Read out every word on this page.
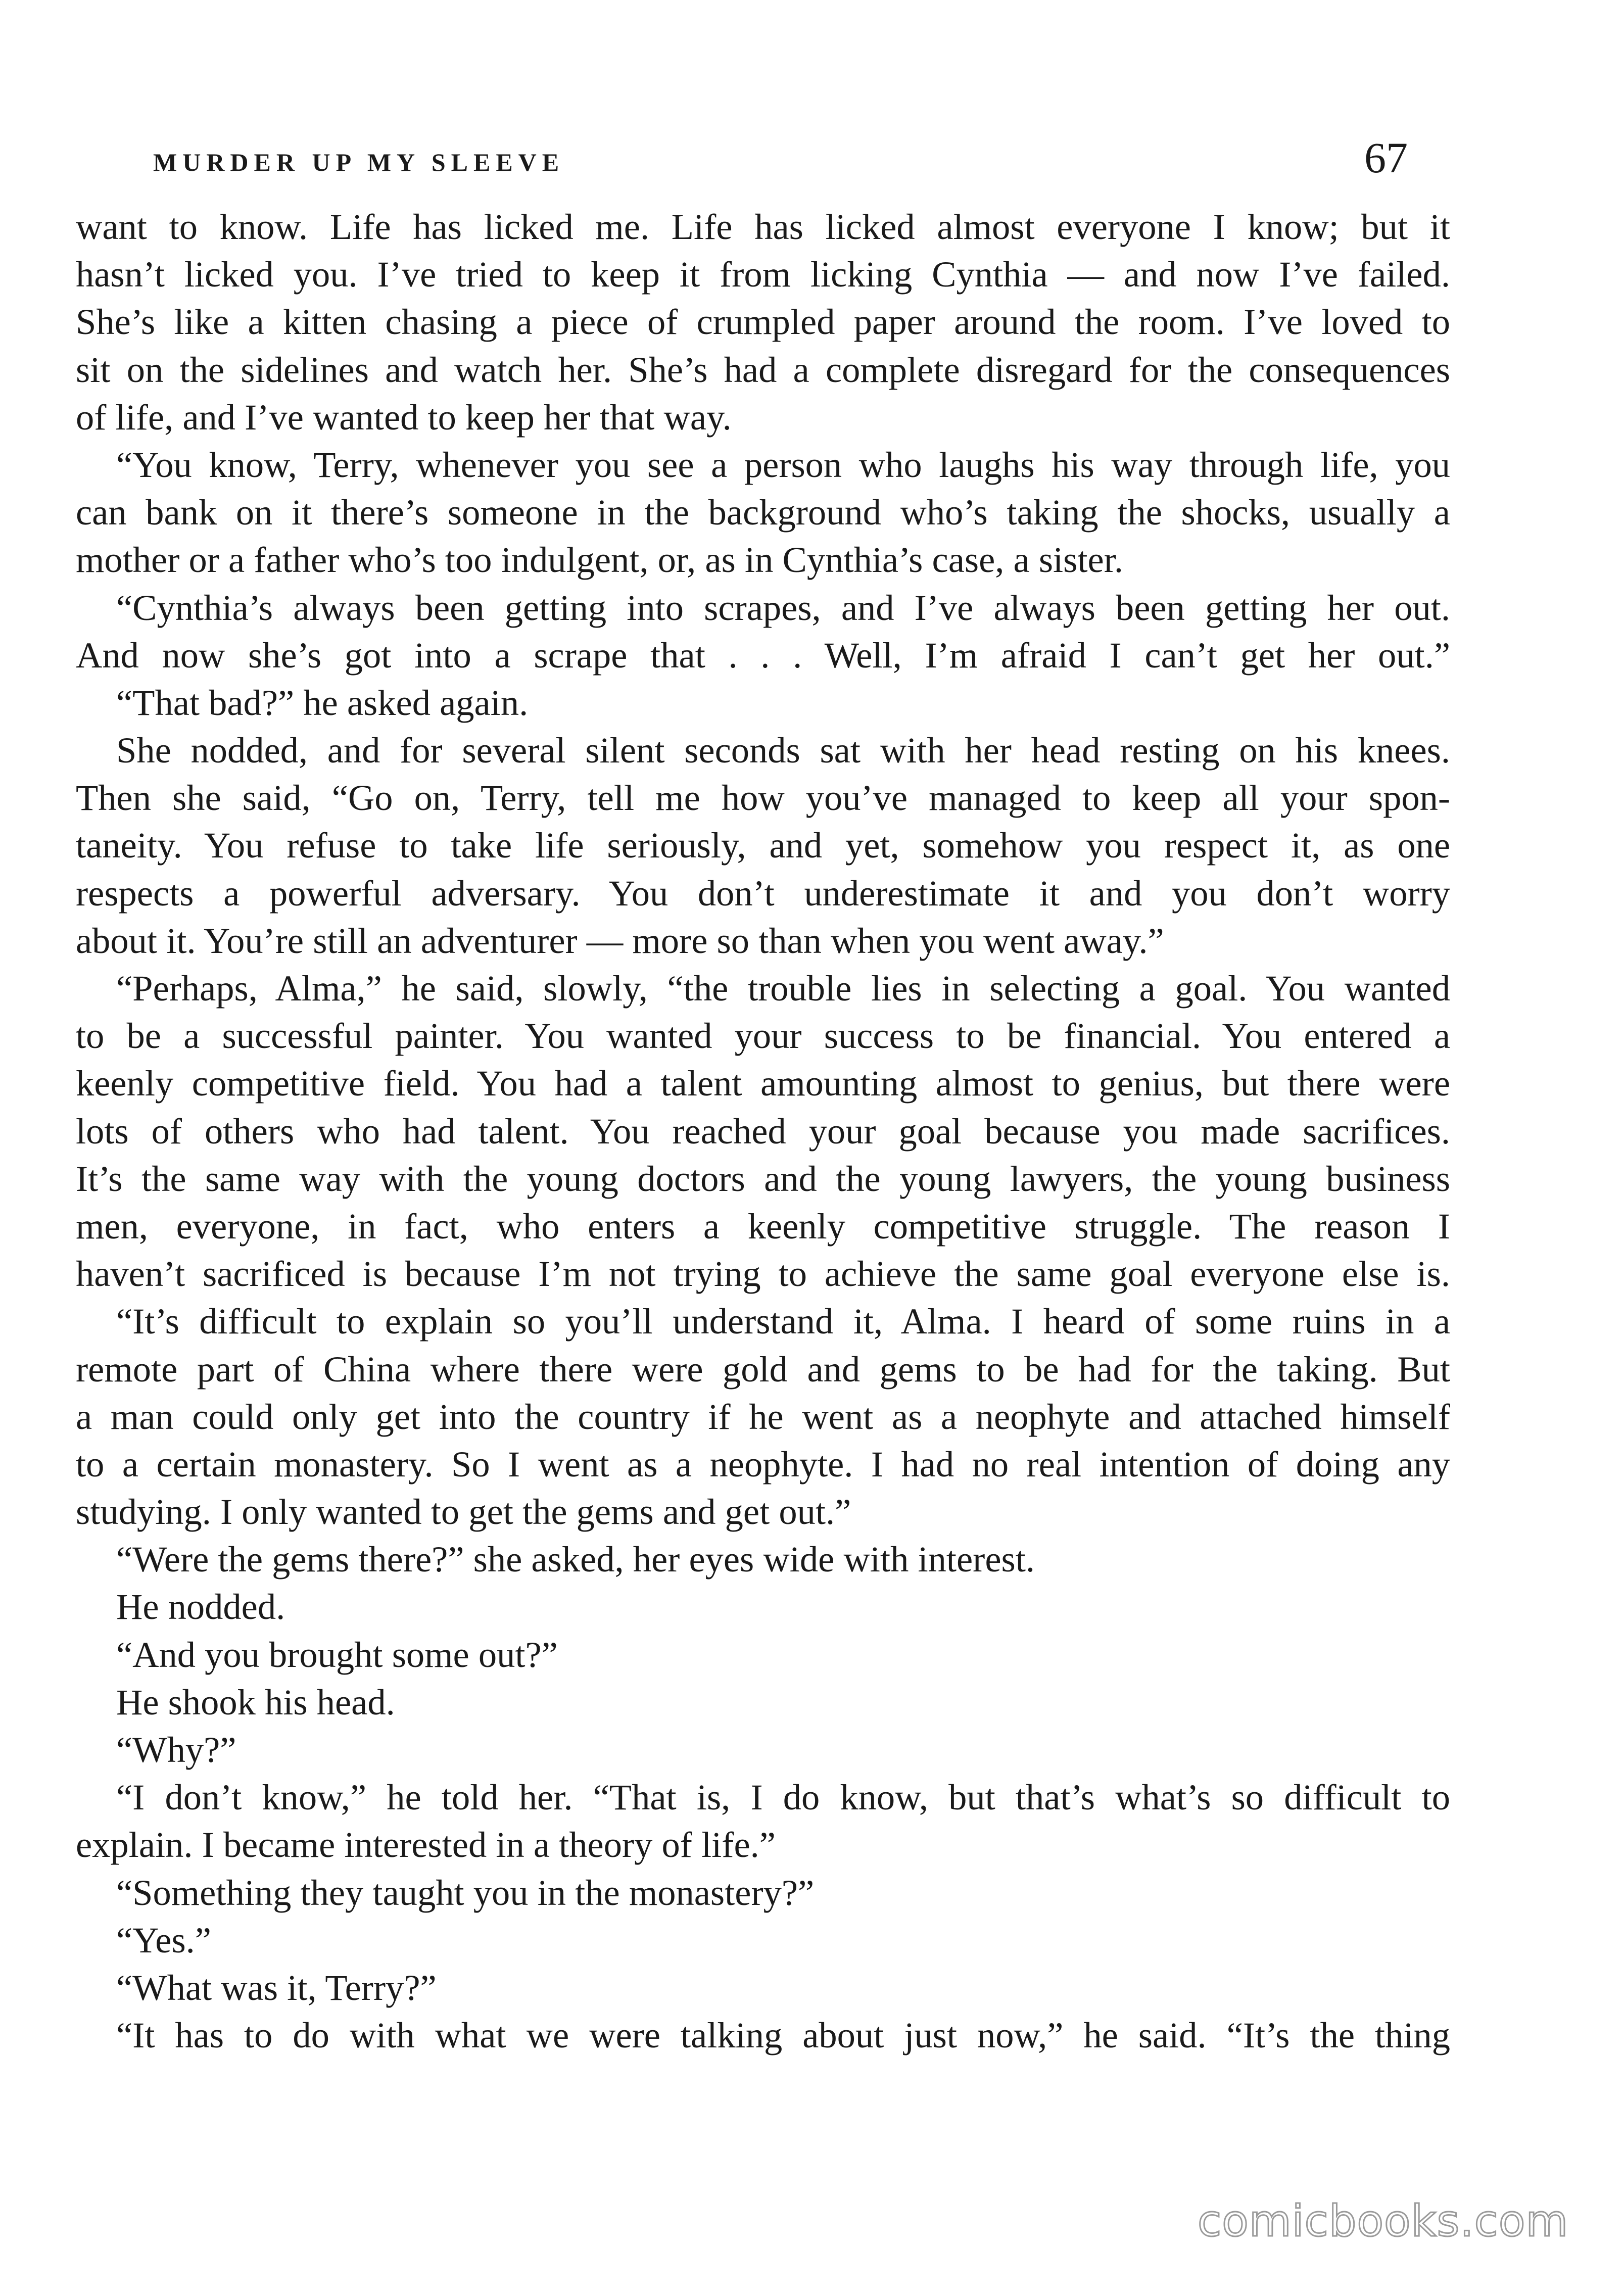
MURDER UP MY SLEEVE	67
want to know. Life has licked me. Life has licked almost everyone I know; but it
hasn’t licked you. I’ve tried to keep it from licking Cynthia — and now I’ve failed.
She’s like a kitten chasing a piece of crumpled paper around the room. I’ve loved to
sit on the sidelines and watch her. She’s had a complete disregard for the consequences
of life, and I’ve wanted to keep her that way.
“You know, Terry, whenever you see a person who laughs his way through life, you
can bank on it there’s someone in the background who’s taking the shocks, usually a
mother or a father who’s too indulgent, or, as in Cynthia’s case, a sister.
“Cynthia’s always been getting into scrapes, and I’ve always been getting her out.
And now she’s got into a scrape that . . . Well, I’m afraid I can’t get her out.”
“That bad?” he asked again.
She nodded, and for several silent seconds sat with her head resting on his knees.
Then she said, “Go on, Terry, tell me how you’ve managed to keep all your spon-
taneity. You refuse to take life seriously, and yet, somehow you respect it, as one
respects a powerful adversary. You don’t underestimate it and you don’t worry
about it. You’re still an adventurer — more so than when you went away.”
“Perhaps, Alma,” he said, slowly, “the trouble lies in selecting a goal. You wanted
to be a successful painter. You wanted your success to be financial. You entered a
keenly competitive field. You had a talent amounting almost to genius, but there were
lots of others who had talent. You reached your goal because you made sacrifices.
It’s the same way with the young doctors and the young lawyers, the young business
men, everyone, in fact, who enters a keenly competitive struggle. The reason I
haven’t sacrificed is because I’m not trying to achieve the same goal everyone else is.
“It’s difficult to explain so you’ll understand it, Alma. I heard of some ruins in a
remote part of China where there were gold and gems to be had for the taking. But
a man could only get into the country if he went as a neophyte and attached himself
to a certain monastery. So I went as a neophyte. I had no real intention of doing any
studying. I only wanted to get the gems and get out.”
“Were the gems there?” she asked, her eyes wide with interest.
He nodded.
“And you brought some out?”
He shook his head.
“Why?”
“I don’t know,” he told her. “That is, I do know, but that’s what’s so difficult to
explain. I became interested in a theory of life.”
“Something they taught you in the monastery?”
“Yes.”
“What was it, Terry?”
“It has to do with what we were talking about just now,” he said. “It’s the thing
comicbooks.com
